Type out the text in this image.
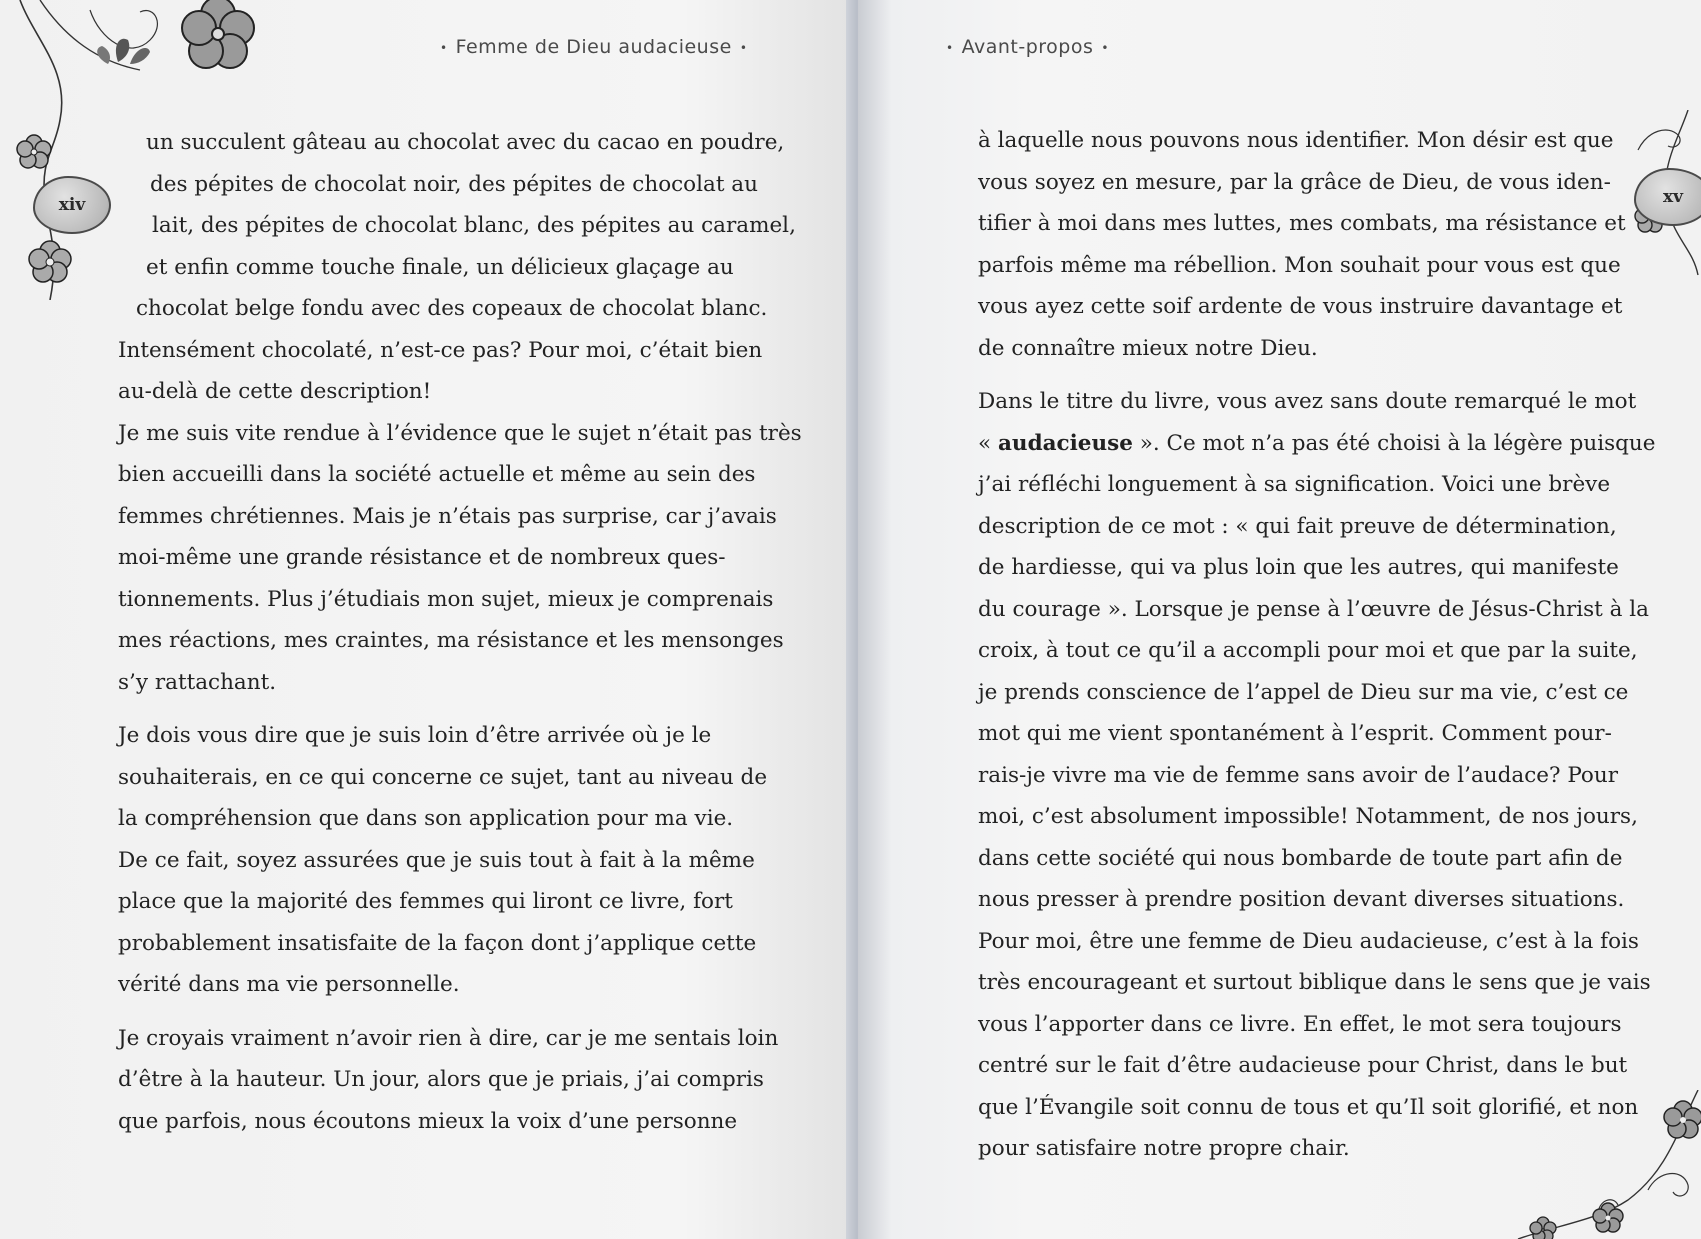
xiv
• Femme de Dieu audacieuse •
un succulent gâteau au chocolat avec du cacao en poudre,
des pépites de chocolat noir, des pépites de chocolat au
lait, des pépites de chocolat blanc, des pépites au caramel,
et enfin comme touche finale, un délicieux glaçage au
chocolat belge fondu avec des copeaux de chocolat blanc.
Intensément chocolaté, n’est-ce pas? Pour moi, c’était bien
au-delà de cette description!
Je me suis vite rendue à l’évidence que le sujet n’était pas très
bien accueilli dans la société actuelle et même au sein des
femmes chrétiennes. Mais je n’étais pas surprise, car j’avais
moi-même une grande résistance et de nombreux ques-
tionnements. Plus j’étudiais mon sujet, mieux je comprenais
mes réactions, mes craintes, ma résistance et les mensonges
s’y rattachant.
Je dois vous dire que je suis loin d’être arrivée où je le
souhaiterais, en ce qui concerne ce sujet, tant au niveau de
la compréhension que dans son application pour ma vie.
De ce fait, soyez assurées que je suis tout à fait à la même
place que la majorité des femmes qui liront ce livre, fort
probablement insatisfaite de la façon dont j’applique cette
vérité dans ma vie personnelle.
Je croyais vraiment n’avoir rien à dire, car je me sentais loin
d’être à la hauteur. Un jour, alors que je priais, j’ai compris
que parfois, nous écoutons mieux la voix d’une personne
xv
• Avant-propos •
à laquelle nous pouvons nous identifier. Mon désir est que
vous soyez en mesure, par la grâce de Dieu, de vous iden-
tifier à moi dans mes luttes, mes combats, ma résistance et
parfois même ma rébellion. Mon souhait pour vous est que
vous ayez cette soif ardente de vous instruire davantage et
de connaître mieux notre Dieu.
Dans le titre du livre, vous avez sans doute remarqué le mot
« audacieuse ». Ce mot n’a pas été choisi à la légère puisque
j’ai réfléchi longuement à sa signification. Voici une brève
description de ce mot : « qui fait preuve de détermination,
de hardiesse, qui va plus loin que les autres, qui manifeste
du courage ». Lorsque je pense à l’œuvre de Jésus-Christ à la
croix, à tout ce qu’il a accompli pour moi et que par la suite,
je prends conscience de l’appel de Dieu sur ma vie, c’est ce
mot qui me vient spontanément à l’esprit. Comment pour-
rais-je vivre ma vie de femme sans avoir de l’audace? Pour
moi, c’est absolument impossible! Notamment, de nos jours,
dans cette société qui nous bombarde de toute part afin de
nous presser à prendre position devant diverses situations.
Pour moi, être une femme de Dieu audacieuse, c’est à la fois
très encourageant et surtout biblique dans le sens que je vais
vous l’apporter dans ce livre. En effet, le mot sera toujours
centré sur le fait d’être audacieuse pour Christ, dans le but
que l’Évangile soit connu de tous et qu’Il soit glorifié, et non
pour satisfaire notre propre chair.
